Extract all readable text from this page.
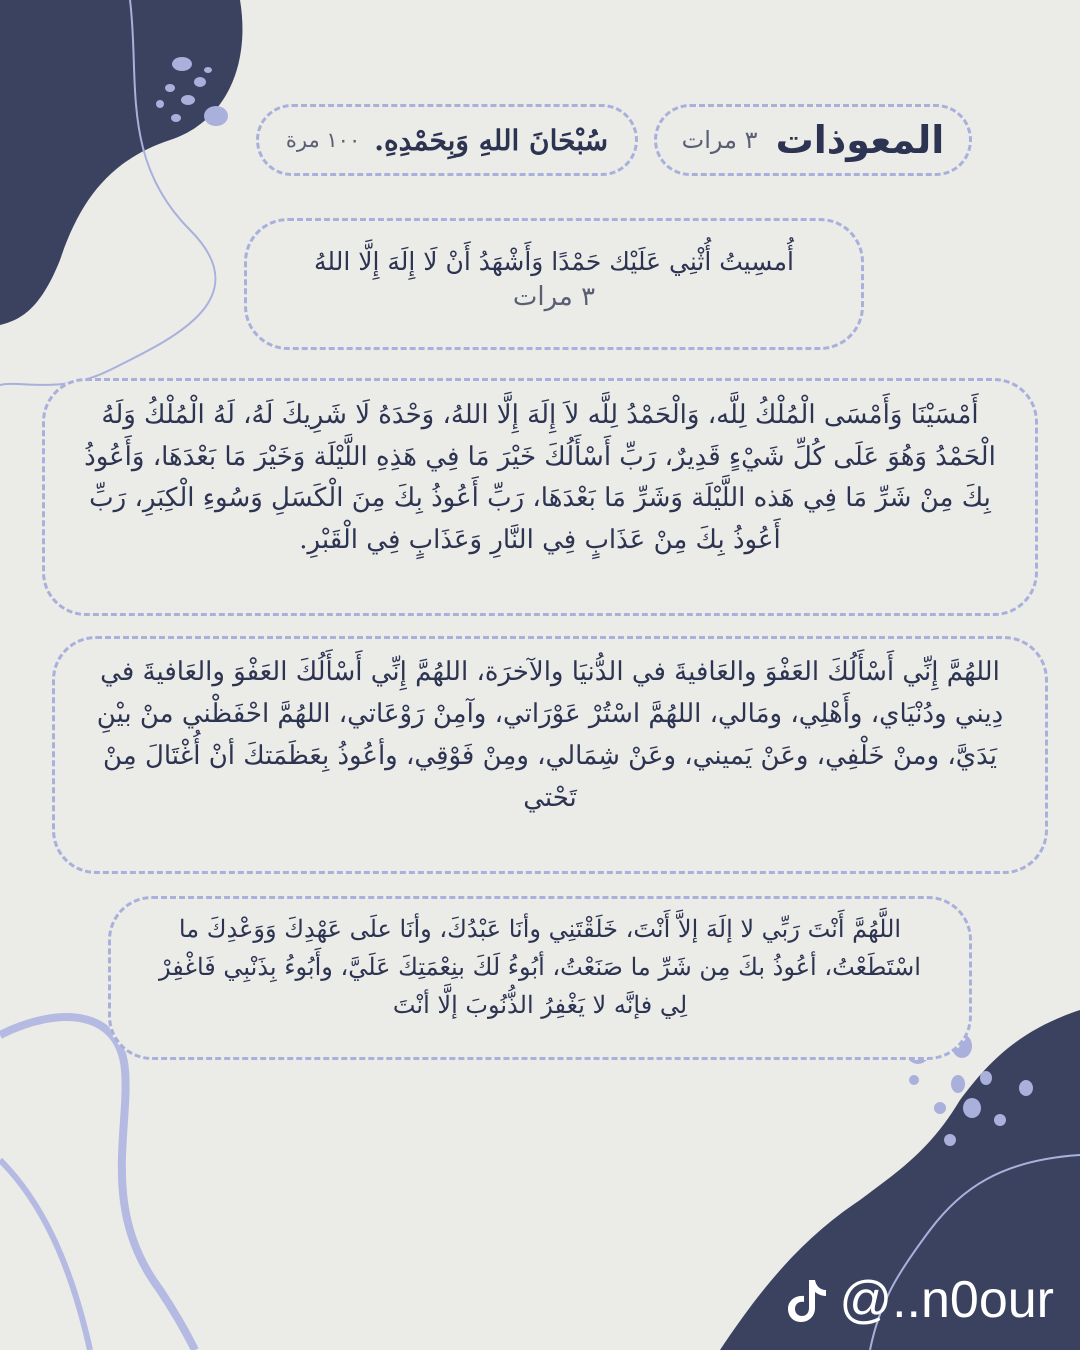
المعوذات
٣ مرات
سُبْحَانَ اللهِ وَبِحَمْدِهِ.
١٠٠ مرة
أُمسِيتُ أُثْنِي عَلَيْك حَمْدًا وَأَشْهَدُ أَنْ لَا إِلَهَ إِلَّا اللهُ
٣ مرات
أَمْسَيْنَا وَأَمْسَى الْمُلْكُ لِلَّه، وَالْحَمْدُ لِلَّه لاَ إِلَهَ إِلَّا اللهُ، وَحْدَهُ لَا شَرِيكَ لَهُ، لَهُ الْمُلْكُ وَلَهُ الْحَمْدُ وَهُوَ عَلَى كُلِّ شَيْءٍ قَدِيرٌ، رَبِّ أَسْأَلُكَ خَيْرَ مَا فِي هَذِهِ اللَّيْلَة وَخَيْرَ مَا بَعْدَهَا، وَأَعُوذُ بِكَ مِنْ شَرِّ مَا فِي هَذه اللَّيْلَة وَشَرِّ مَا بَعْدَهَا، رَبِّ أَعُوذُ بِكَ مِنَ الْكَسَلِ وَسُوءِ الْكِبَرِ، رَبِّ أَعُوذُ بِكَ مِنْ عَذَابٍ فِي النَّارِ وَعَذَابٍ فِي الْقَبْرِ.
اللهُمَّ إِنِّي أَسْأَلُكَ العَفْوَ والعَافيةَ في الدُّنيَا والآخرَة، اللهُمَّ إِنِّي أَسْأَلُكَ العَفْوَ والعَافيةَ في دِيني ودُنْيَاي، وأَهْلِي، ومَالي، اللهُمَّ اسْتُرْ عَوْرَاتي، وآمِنْ رَوْعَاتي، اللهُمَّ احْفَظْني منْ بيْنِ يَدَيَّ، ومنْ خَلْفِي، وعَنْ يَميني، وعَنْ شِمَالي، ومِنْ فَوْقِي، وأعُوذُ بِعَظَمَتكَ أنْ أُغْتَالَ مِنْ تَحْتي
اللَّهُمَّ أَنْتَ رَبِّي لا إلَهَ إلاَّ أَنْتَ، خَلَقْتَنِي وأنَا عَبْدُكَ، وأنَا علَى عَهْدِكَ وَوَعْدِكَ ما اسْتَطَعْتُ، أعُوذُ بكَ مِن شَرِّ ما صَنَعْتُ، أبُوءُ لَكَ بنِعْمَتِكَ عَلَيَّ، وأَبُوءُ بِذَنْبِي فَاغْفِرْ لِي فإنَّه لا يَغْفِرُ الذُّنُوبَ إلَّا أنْتَ
@..n0our
